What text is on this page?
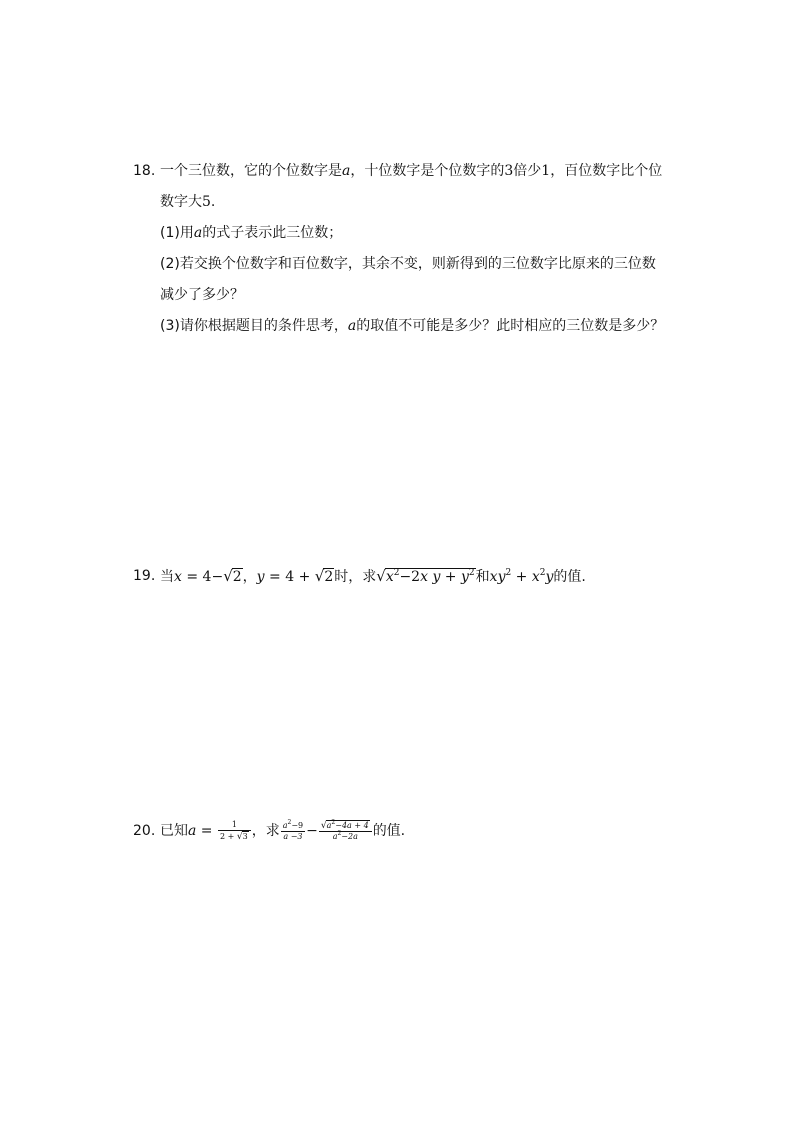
18. 一个三位数，它的个位数字是a，十位数字是个位数字的3倍少1，百位数字比个位
数字大5.
(1)用a的式子表示此三位数；
(2)若交换个位数字和百位数字，其余不变，则新得到的三位数字比原来的三位数
减少了多少？
(3)请你根据题目的条件思考，a的取值不可能是多少？此时相应的三位数是多少？
19. 当x = 4−√2，y = 4 + √2时，求$√x^2-2x$ $y + y^2$和$xy^2 + x^2y$的值.
20. 已知$a = \frac{1}{2 + √3}$ ，求 $\frac{a^2-9}{a -3} - \frac{√a^2-4a + 4}{a^2-2a}$ 的值.
